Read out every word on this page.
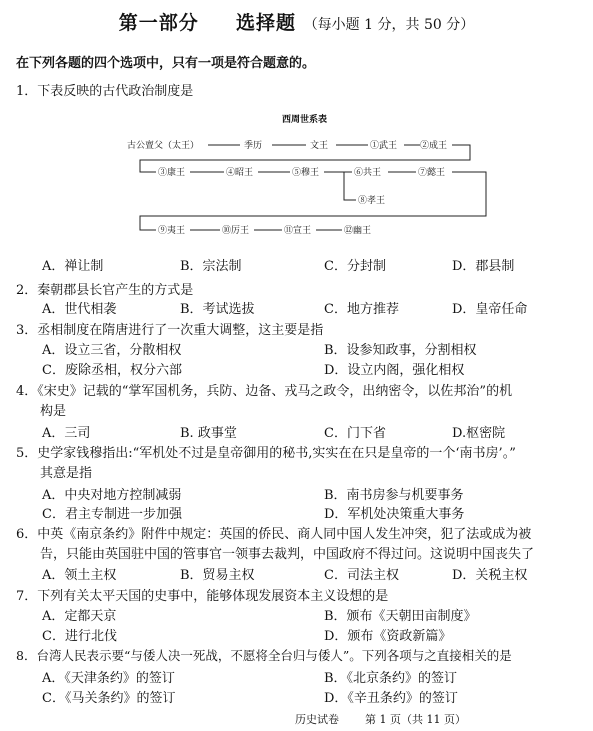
第一部分 选择题 （每小题 1 分，共 50 分）
在下列各题的四个选项中，只有一项是符合题意的。
1．下表反映的古代政治制度是
西周世系表
古公亶父（太王）	季历	文王	①武王	②成王
③康王	④昭王	⑤穆王	⑥共王	⑦懿王
⑧孝王
⑨夷王	⑩厉王	⑪宣王	⑫幽王
A．禅让制	B．宗法制	C．分封制	D．郡县制
2．秦朝郡县长官产生的方式是
A．世代相袭	B．考试选拔	C．地方推荐	D．皇帝任命
3．丞相制度在隋唐进行了一次重大调整，这主要是指
A．设立三省，分散相权	B．设参知政事，分割相权
C．废除丞相，权分六部	D．设立内阁，强化相权
4．《宋史》记载的“掌军国机务，兵防、边备、戎马之政令，出纳密令，以佐邦治”的机
构是
A．三司	B. 政事堂	C．门下省	D.枢密院
5．史学家钱穆指出:“军机处不过是皇帝御用的秘书,实实在在只是皇帝的一个‘南书房’。”
其意是指
A．中央对地方控制减弱	B．南书房参与机要事务
C．君主专制进一步加强	D．军机处决策重大事务
6．中英《南京条约》附件中规定：英国的侨民、商人同中国人发生冲突，犯了法或成为被
告，只能由英国驻中国的管事官一领事去裁判，中国政府不得过问。这说明中国丧失了
A．领土主权	B．贸易主权	C．司法主权	D．关税主权
7．下列有关太平天国的史事中，能够体现发展资本主义设想的是
A．定都天京	B．颁布《天朝田亩制度》
C．进行北伐	D．颁布《资政新篇》
8．台湾人民表示要“与倭人决一死战，不愿将全台归与倭人”。下列各项与之直接相关的是
A．《天津条约》的签订	B．《北京条约》的签订
C．《马关条约》的签订	D．《辛丑条约》的签订
历史试卷 第 1 页（共 11 页）
